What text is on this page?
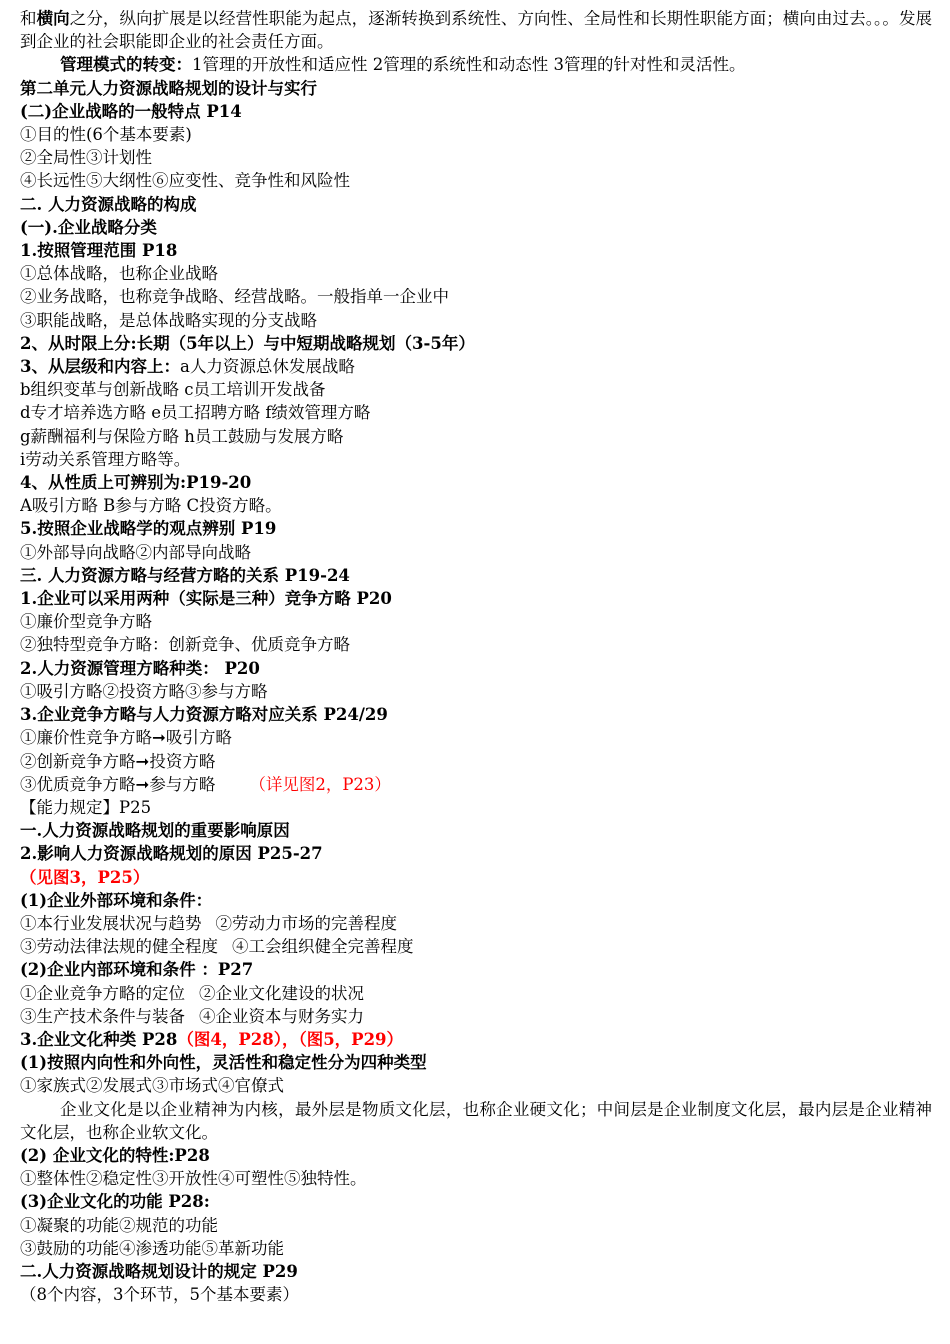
和横向之分，纵向扩展是以经营性职能为起点，逐渐转换到系统性、方向性、全局性和长期性职能方面；横向由过去。。。发展到企业的社会职能即企业的社会责任方面。
管理模式的转变：1管理的开放性和适应性 2管理的系统性和动态性 3管理的针对性和灵活性。
第二单元人力资源战略规划的设计与实行
(二)企业战略的一般特点 P14
①目的性(6个基本要素)
②全局性③计划性
④长远性⑤大纲性⑥应变性、竞争性和风险性
二. 人力资源战略的构成
(一).企业战略分类
1.按照管理范围 P18
①总体战略，也称企业战略
②业务战略，也称竞争战略、经营战略。一般指单一企业中
③职能战略，是总体战略实现的分支战略
2、从时限上分:长期（5年以上）与中短期战略规划（3-5年）
3、从层级和内容上：a人力资源总休发展战略
b组织变革与创新战略 c员工培训开发战备
d专才培养选方略 e员工招聘方略 f绩效管理方略
g薪酬福利与保险方略 h员工鼓励与发展方略
i劳动关系管理方略等。
4、从性质上可辨别为:P19-20
A吸引方略 B参与方略 C投资方略。
5.按照企业战略学的观点辨别 P19
①外部导向战略②内部导向战略
三. 人力资源方略与经营方略的关系 P19-24
1.企业可以采用两种（实际是三种）竞争方略 P20
①廉价型竞争方略
②独特型竞争方略：创新竞争、优质竞争方略
2.人力资源管理方略种类： P20
①吸引方略②投资方略③参与方略
3.企业竞争方略与人力资源方略对应关系 P24/29
①廉价性竞争方略➞吸引方略
②创新竞争方略➞投资方略
③优质竞争方略➞参与方略 （详见图2，P23）
【能力规定】P25
一.人力资源战略规划的重要影响原因
2.影响人力资源战略规划的原因 P25-27
（见图3，P25）
(1)企业外部环境和条件：
①本行业发展状况与趋势 ②劳动力市场的完善程度
③劳动法律法规的健全程度 ④工会组织健全完善程度
(2)企业内部环境和条件 ：P27
①企业竞争方略的定位 ②企业文化建设的状况
③生产技术条件与装备 ④企业资本与财务实力
3.企业文化种类 P28（图4，P28），（图5，P29）
(1)按照内向性和外向性，灵活性和稳定性分为四种类型
①家族式②发展式③市场式④官僚式
企业文化是以企业精神为内核，最外层是物质文化层，也称企业硬文化；中间层是企业制度文化层，最内层是企业精神文化层，也称企业软文化。
(2) 企业文化的特性:P28
①整体性②稳定性③开放性④可塑性⑤独特性。
(3)企业文化的功能 P28:
①凝聚的功能②规范的功能
③鼓励的功能④渗透功能⑤革新功能
二.人力资源战略规划设计的规定 P29
（8个内容，3个环节，5个基本要素）
